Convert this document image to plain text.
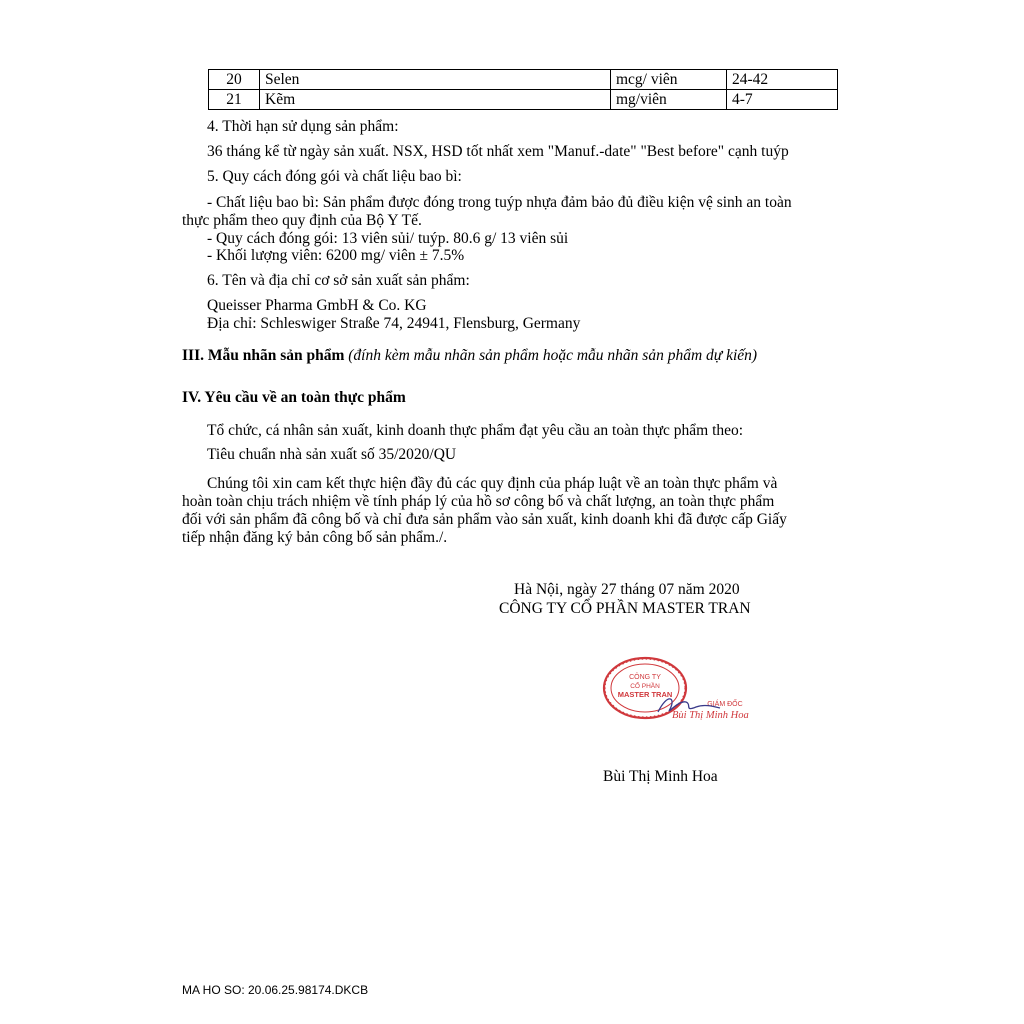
20	Selen	mcg/ viên	24-42
21	Kẽm	mg/viên	4-7
4. Thời hạn sử dụng sản phẩm:
36 tháng kể từ ngày sản xuất. NSX, HSD tốt nhất xem "Manuf.-date" "Best before" cạnh tuýp
5. Quy cách đóng gói và chất liệu bao bì:
- Chất liệu bao bì: Sản phẩm được đóng trong tuýp nhựa đảm bảo đủ điều kiện vệ sinh an toàn
thực phẩm theo quy định của Bộ Y Tế.
- Quy cách đóng gói: 13 viên sủi/ tuýp. 80.6 g/ 13 viên sủi
- Khối lượng viên: 6200 mg/ viên ± 7.5%
6. Tên và địa chỉ cơ sở sản xuất sản phẩm:
Queisser Pharma GmbH & Co. KG
Địa chỉ: Schleswiger Straße 74, 24941, Flensburg, Germany
III. Mẫu nhãn sản phẩm (đính kèm mẫu nhãn sản phẩm hoặc mẫu nhãn sản phẩm dự kiến)
IV. Yêu cầu về an toàn thực phẩm
Tổ chức, cá nhân sản xuất, kinh doanh thực phẩm đạt yêu cầu an toàn thực phẩm theo:
Tiêu chuẩn nhà sản xuất số 35/2020/QU
Chúng tôi xin cam kết thực hiện đầy đủ các quy định của pháp luật về an toàn thực phẩm và
hoàn toàn chịu trách nhiệm về tính pháp lý của hồ sơ công bố và chất lượng, an toàn thực phẩm
đối với sản phẩm đã công bố và chỉ đưa sản phẩm vào sản xuất, kinh doanh khi đã được cấp Giấy
tiếp nhận đăng ký bản công bố sản phẩm./.
Hà Nội, ngày 27 tháng 07 năm 2020
CÔNG TY CỔ PHẦN MASTER TRAN
CÔNG TY
CỔ PHẦN
MASTER TRAN
GIÁM ĐỐC
Bùi Thị Minh Hoa
Bùi Thị Minh Hoa
MA HO SO: 20.06.25.98174.DKCB
